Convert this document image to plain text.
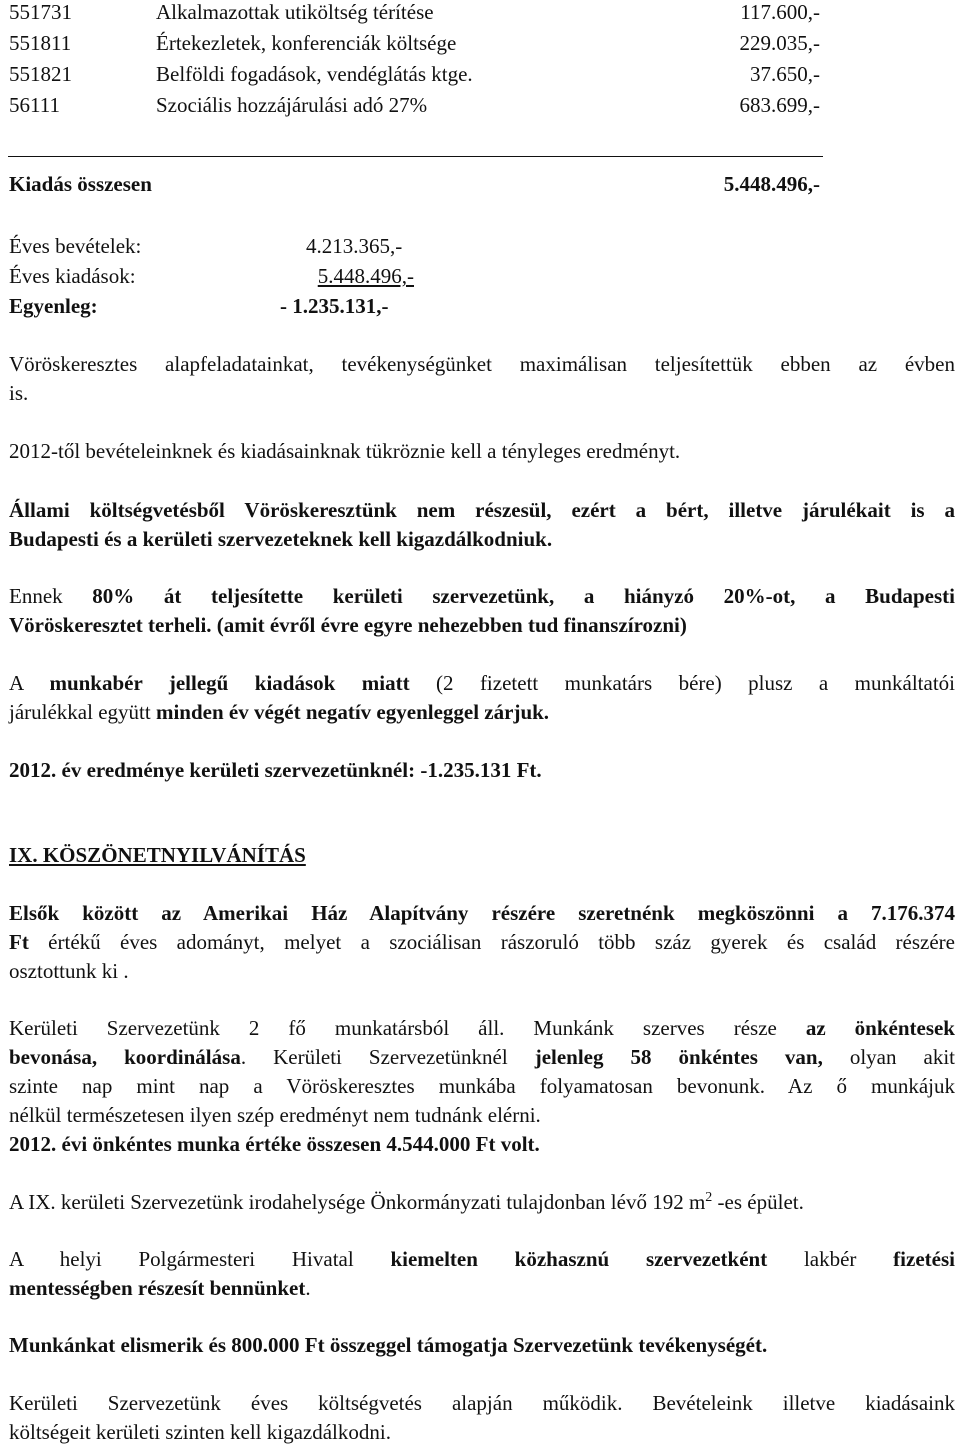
551731	Alkalmazottak utiköltség térítése	117.600,-
551811	Értekezletek, konferenciák költsége	229.035,-
551821	Belföldi fogadások, vendéglátás ktge.	37.650,-
56111	Szociális hozzájárulási adó 27%	683.699,-
Kiadás összesen	5.448.496,-
Éves bevételek:	4.213.365,-
Éves kiadások:	5.448.496,-
Egyenleg:	- 1.235.131,-
Vöröskeresztes alapfeladatainkat, tevékenységünket maximálisan teljesítettük ebben az évben
is.
2012-től bevételeinknek és kiadásainknak tükröznie kell a tényleges eredményt.
Állami költségvetésből Vöröskeresztünk nem részesül, ezért a bért, illetve járulékait is a
Budapesti és a kerületi szervezeteknek kell kigazdálkodniuk.
Ennek 80% át teljesítette kerületi szervezetünk, a hiányzó 20%-ot, a Budapesti
Vöröskeresztet terheli. (amit évről évre egyre nehezebben tud finanszírozni)
A munkabér jellegű kiadások miatt (2 fizetett munkatárs bére) plusz a munkáltatói
járulékkal együtt minden év végét negatív egyenleggel zárjuk.
2012. év eredménye kerületi szervezetünknél: -1.235.131 Ft.
IX. KÖSZÖNETNYILVÁNÍTÁS
Elsők között az Amerikai Ház Alapítvány részére szeretnénk megköszönni a 7.176.374
Ft értékű éves adományt, melyet a szociálisan rászoruló több száz gyerek és család részére
osztottunk ki .
Kerületi Szervezetünk 2 fő munkatársból áll. Munkánk szerves része az önkéntesek
bevonása, koordinálása. Kerületi Szervezetünknél jelenleg 58 önkéntes van, olyan akit
szinte nap mint nap a Vöröskeresztes munkába folyamatosan bevonunk. Az ő munkájuk
nélkül természetesen ilyen szép eredményt nem tudnánk elérni.
2012. évi önkéntes munka értéke összesen 4.544.000 Ft volt.
A IX. kerületi Szervezetünk irodahelysége Önkormányzati tulajdonban lévő 192 $m^2$ -es épület.
A helyi Polgármesteri Hivatal kiemelten közhasznú szervezetként lakbér fizetési
mentességben részesít bennünket.
Munkánkat elismerik és 800.000 Ft összeggel támogatja Szervezetünk tevékenységét.
Kerületi Szervezetünk éves költségvetés alapján működik. Bevételeink illetve kiadásaink
költségeit kerületi szinten kell kigazdálkodni.
